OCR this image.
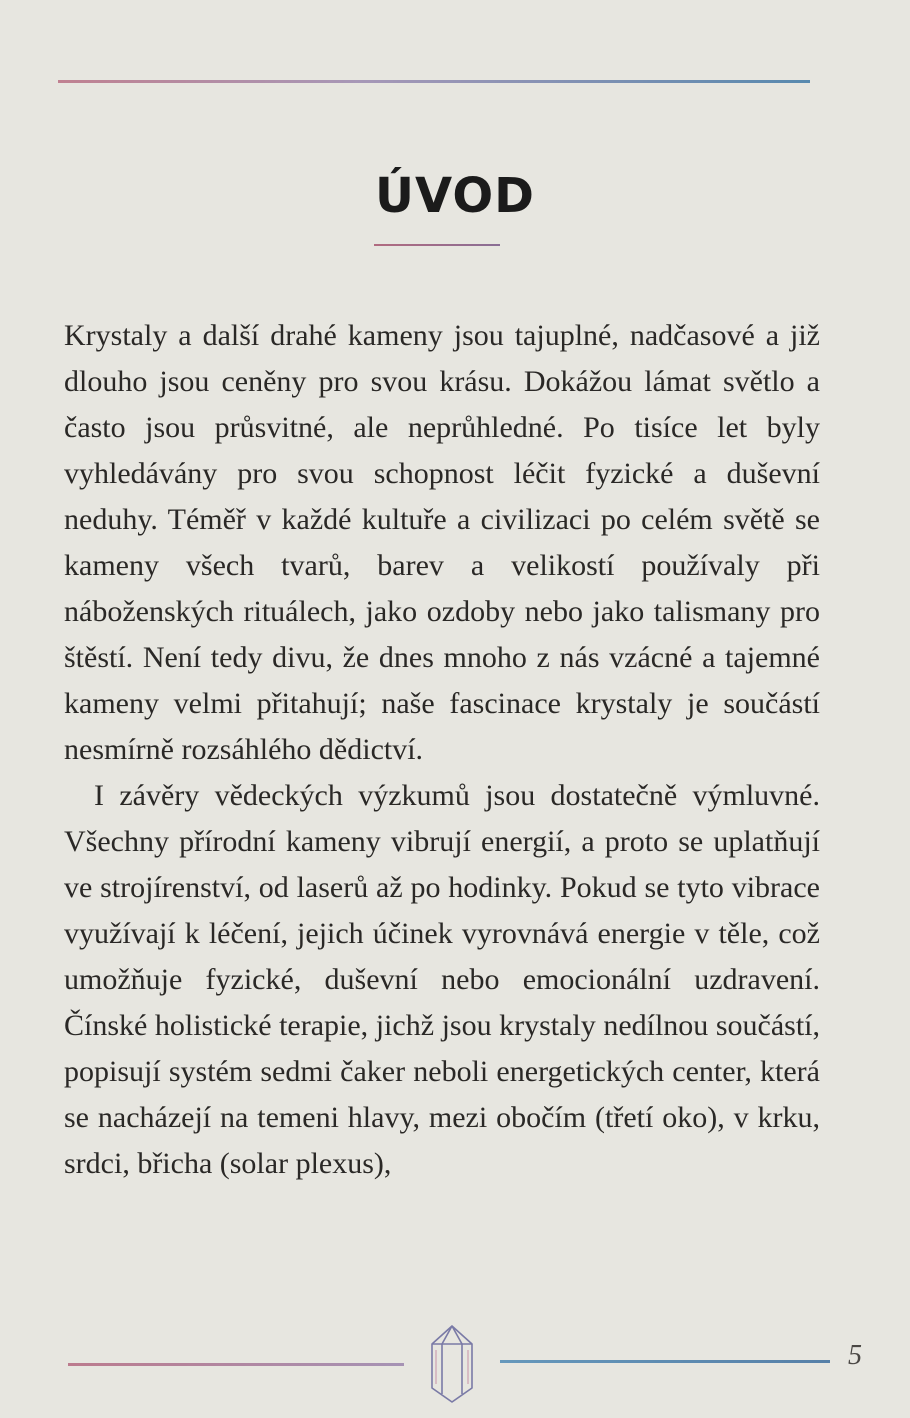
ÚVOD

Krystaly a další drahé kameny jsou tajuplné, nadčasové a již dlouho jsou ceněny pro svou krásu. Dokážou lámat světlo a často jsou průsvitné, ale neprůhledné. Po tisíce let byly vyhledávány pro svou schopnost léčit fyzické a duševní neduhy. Téměř v každé kultuře a civilizaci po celém světě se kameny všech tvarů, barev a velikostí používaly při náboženských rituálech, jako ozdoby nebo jako talismany pro štěstí. Není tedy divu, že dnes mnoho z nás vzácné a tajemné kameny velmi přitahují; naše fascinace krystaly je součástí nesmírně rozsáhlého dědictví.

I závěry vědeckých výzkumů jsou dostatečně výmluvné. Všechny přírodní kameny vibrují energií, a proto se uplatňují ve strojírenství, od laserů až po hodinky. Pokud se tyto vibrace využívají k léčení, jejich účinek vyrovnává energie v těle, což umožňuje fyzické, duševní nebo emocionální uzdravení. Čínské holistické terapie, jichž jsou krystaly nedílnou součástí, popisují systém sedmi čaker neboli energetických center, která se nacházejí na temeni hlavy, mezi obočím (třetí oko), v krku, srdci, břicha (solar plexus),

5
